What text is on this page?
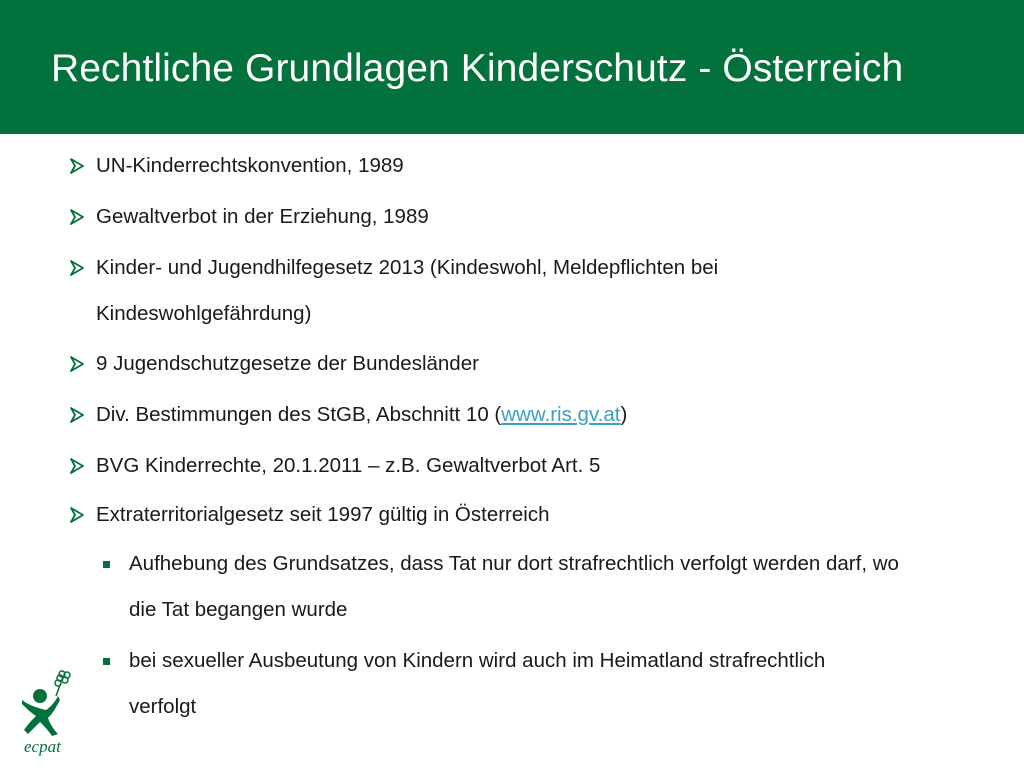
Rechtliche Grundlagen Kinderschutz - Österreich
UN-Kinderrechtskonvention, 1989
Gewaltverbot in der Erziehung, 1989
Kinder- und Jugendhilfegesetz 2013 (Kindeswohl, Meldepflichten bei
Kindeswohlgefährdung)
9 Jugendschutzgesetze der Bundesländer
Div. Bestimmungen des StGB, Abschnitt 10 (www.ris.gv.at)
BVG Kinderrechte, 20.1.2011 – z.B. Gewaltverbot Art. 5
Extraterritorialgesetz seit 1997 gültig in Österreich
Aufhebung des Grundsatzes, dass Tat nur dort strafrechtlich verfolgt werden darf, wo
die Tat begangen wurde
bei sexueller Ausbeutung von Kindern wird auch im Heimatland strafrechtlich
verfolgt
ecpat
